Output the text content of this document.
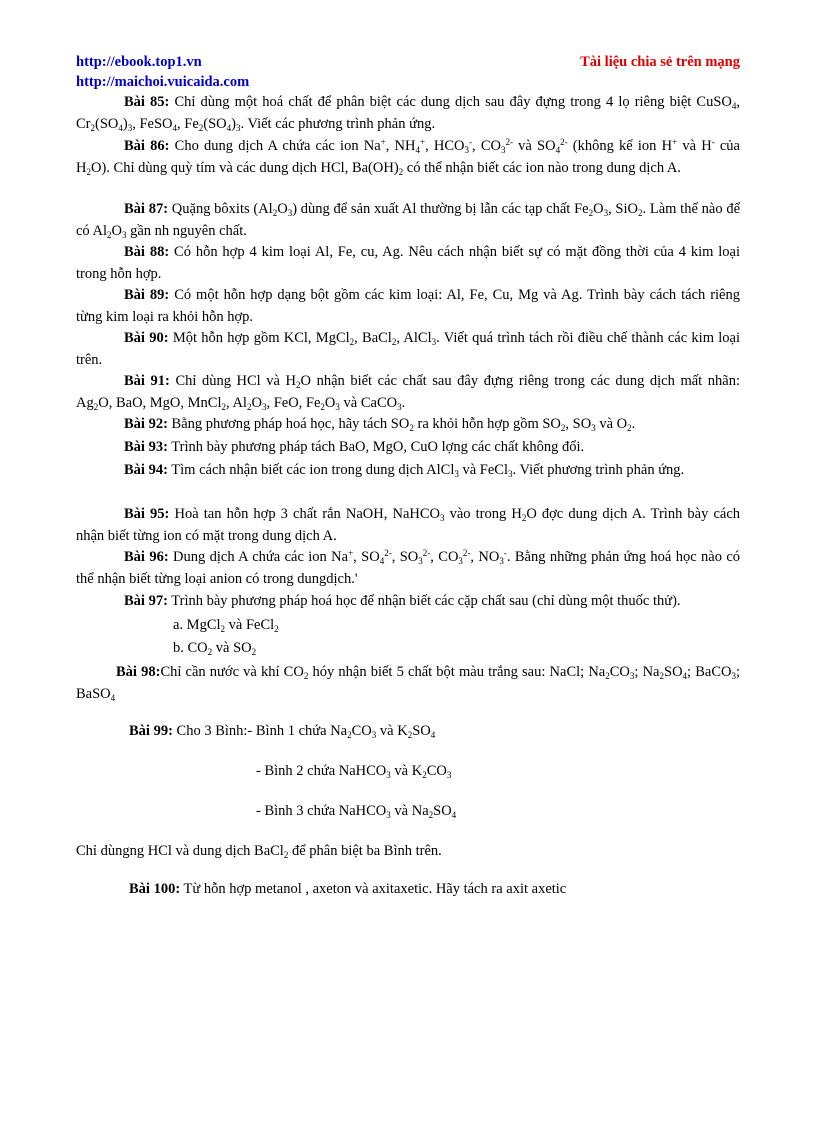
http://ebook.top1.vn	Tài liệu chia sẻ trên mạng
http://maichoi.vuicaida.com
Bài 85: Chỉ dùng một hoá chất để phân biệt các dung dịch sau đây đựng trong 4 lọ riêng biệt CuSO$_4$, $Cr_2(SO_4)_3$, FeSO$_4$, $Fe_2(SO_4)_3$. Viết các phương trình phản ứng.
Bài 86: Cho dung dịch A chứa các ion Na+, $NH_4^+$, $HCO_3^-$, $CO_3^{2-}$ và $SO_4^{2-}$ (không kể ion H+ và H- của $H_2O$). Chỉ dùng quỳ tím và các dung dịch HCl, $Ba(OH)_2$ có thể nhận biết các ion nào trong dung dịch A.
Bài 87: Quặng bôxits $(Al_2O_3)$ dùng để sản xuất Al thường bị lẫn các tạp chất $Fe_2O_3$, SiO$_2$. Làm thế nào để có $Al_2O_3$ gần nh nguyên chất.
Bài 88: Có hỗn hợp 4 kim loại Al, Fe, cu, Ag. Nêu cách nhận biết sự có mặt đồng thời của 4 kim loại trong hỗn hợp.
Bài 89: Có một hỗn hợp dạng bột gồm các kim loại: Al, Fe, Cu, Mg và Ag. Trình bày cách tách riêng từng kim loại ra khỏi hỗn hợp.
Bài 90: Một hỗn hợp gồm KCl, MgCl$_2$, BaCl$_2$, AlCl$_3$. Viết quá trình tách rồi điều chế thành các kim loại trên.
Bài 91: Chỉ dùng HCl và $H_2O$ nhận biết các chất sau đây đựng riêng trong các dung dịch mất nhãn: $Ag_2O$, BaO, MgO, MnCl$_2$, $Al_2O_3$, FeO, $Fe_2O_3$ và CaCO$_3$.
Bài 92: Bằng phương pháp hoá học, hãy tách $SO_2$ ra khỏi hỗn hợp gồm $SO_2$, $SO_3$ và $O_2$.
Bài 93: Trình bày phương pháp tách BaO, MgO, CuO lợng các chất không đổi.
Bài 94: Tìm cách nhận biết các ion trong dung dịch AlCl$_3$ và FeCl$_3$. Viết phương trình phản ứng.
Bài 95: Hoà tan hỗn hợp 3 chất rắn NaOH, NaHCO$_3$ vào trong $H_2O$ đợc dung dịch A. Trình bày cách nhận biết từng ion có mặt trong dung dịch A.
Bài 96: Dung dịch A chứa các ion Na+, $SO_4^{2-}$, $SO_3^{2-}$, $CO_3^{2-}$, $NO_3^-$. Bằng những phản ứng hoá học nào có thể nhận biết từng loại anion có trong dungdịch.'
Bài 97: Trình bày phương pháp hoá học để nhận biết các cặp chất sau (chỉ dùng một thuốc thử).
a. MgCl$_2$ và FeCl$_2$
b. $CO_2$ và $SO_2$
Bài 98:Chỉ cần nước và khí $CO_2$ hóy nhận biết 5 chất bột màu trắng sau: NaCl; $Na_2CO_3$; $Na_2SO_4$; BaCO$_3$; BaSO$_4$
Bài 99: Cho 3 Bình:- Bình 1 chứa $Na_2CO_3$ và $K_2SO_4$
- Bình 2 chứa NaHCO$_3$ và $K_2CO_3$
- Bình 3 chứa NaHCO$_3$ và $Na_2SO_4$
Chỉ dùngng HCl và dung dịch BaCl$_2$ để phân biệt ba Bình trên.
Bài 100: Từ hỗn hợp metanol , axeton và axitaxetic. Hãy tách ra axit axetic
